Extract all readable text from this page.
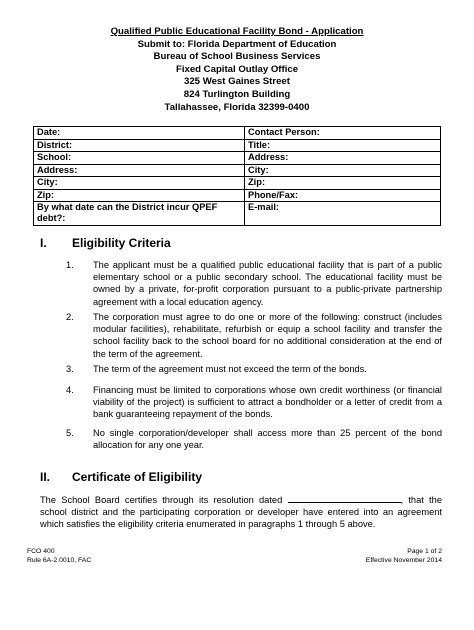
Qualified Public Educational Facility Bond - Application
Submit to: Florida Department of Education
Bureau of School Business Services
Fixed Capital Outlay Office
325 West Gaines Street
824 Turlington Building
Tallahassee, Florida 32399-0400
Date:	Contact Person:
District:	Title:
School:	Address:
Address:	City:
City:	Zip:
Zip:	Phone/Fax:
By what date can the District incur QPEF debt?:	E-mail:
I. Eligibility Criteria
1. The applicant must be a qualified public educational facility that is part of a public elementary school or a public secondary school. The educational facility must be owned by a private, for-profit corporation pursuant to a public-private partnership agreement with a local education agency.
2. The corporation must agree to do one or more of the following: construct (includes modular facilities), rehabilitate, refurbish or equip a school facility and transfer the school facility back to the school board for no additional consideration at the end of the term of the agreement.
3. The term of the agreement must not exceed the term of the bonds.
4. Financing must be limited to corporations whose own credit worthiness (or financial viability of the project) is sufficient to attract a bondholder or a letter of credit from a bank guaranteeing repayment of the bonds.
5. No single corporation/developer shall access more than 25 percent of the bond allocation for any one year.
II. Certificate of Eligibility
The School Board certifies through its resolution dated	, that the school district and the participating corporation or developer have entered into an agreement which satisfies the eligibility criteria enumerated in paragraphs 1 through 5 above.
FCO 400
Rule 6A-2.0010, FAC
Page 1 of 2
Effective November 2014
